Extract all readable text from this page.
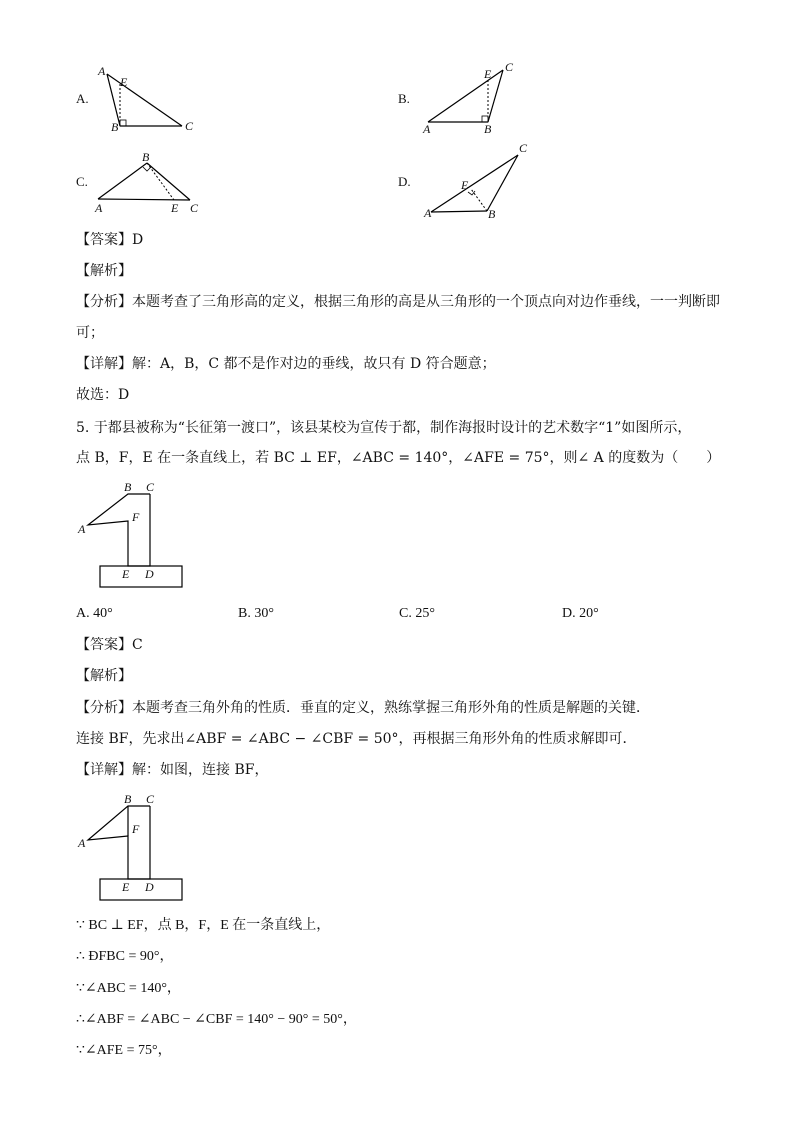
A.
A
E
B	C
B.
A
E
B
C
C.
A
B
E C
D.
A
E
B
C
【答案】D
【解析】
【分析】本题考查了三角形高的定义，根据三角形的高是从三角形的一个顶点向对边作垂线，一一判断即
可；
【详解】解：A，B，C 都不是作对边的垂线，故只有 D 符合题意；
故选：D
5. 于都县被称为“长征第一渡口”，该县某校为宣传于都，制作海报时设计的艺术数字“1”如图所示，
点 B，F，E 在一条直线上，若 BC ⊥ EF，∠ABC = 140°，∠AFE = 75°，则∠ A 的度数为（　　）
B C
F
A
E D
A. 40°	B. 30°	C. 25°	D. 20°
【答案】C
【解析】
【分析】本题考查三角外角的性质．垂直的定义，熟练掌握三角形外角的性质是解题的关键．
连接 BF，先求出∠ABF = ∠ABC − ∠CBF = 50°，再根据三角形外角的性质求解即可．
【详解】解：如图，连接 BF，
B C
F
A
E D
∵ BC ⊥ EF，点 B，F，E 在一条直线上，
∴ ÐFBC = 90°，
∵∠ABC = 140°，
∴∠ABF = ∠ABC − ∠CBF = 140° − 90° = 50°，
∵∠AFE = 75°，
